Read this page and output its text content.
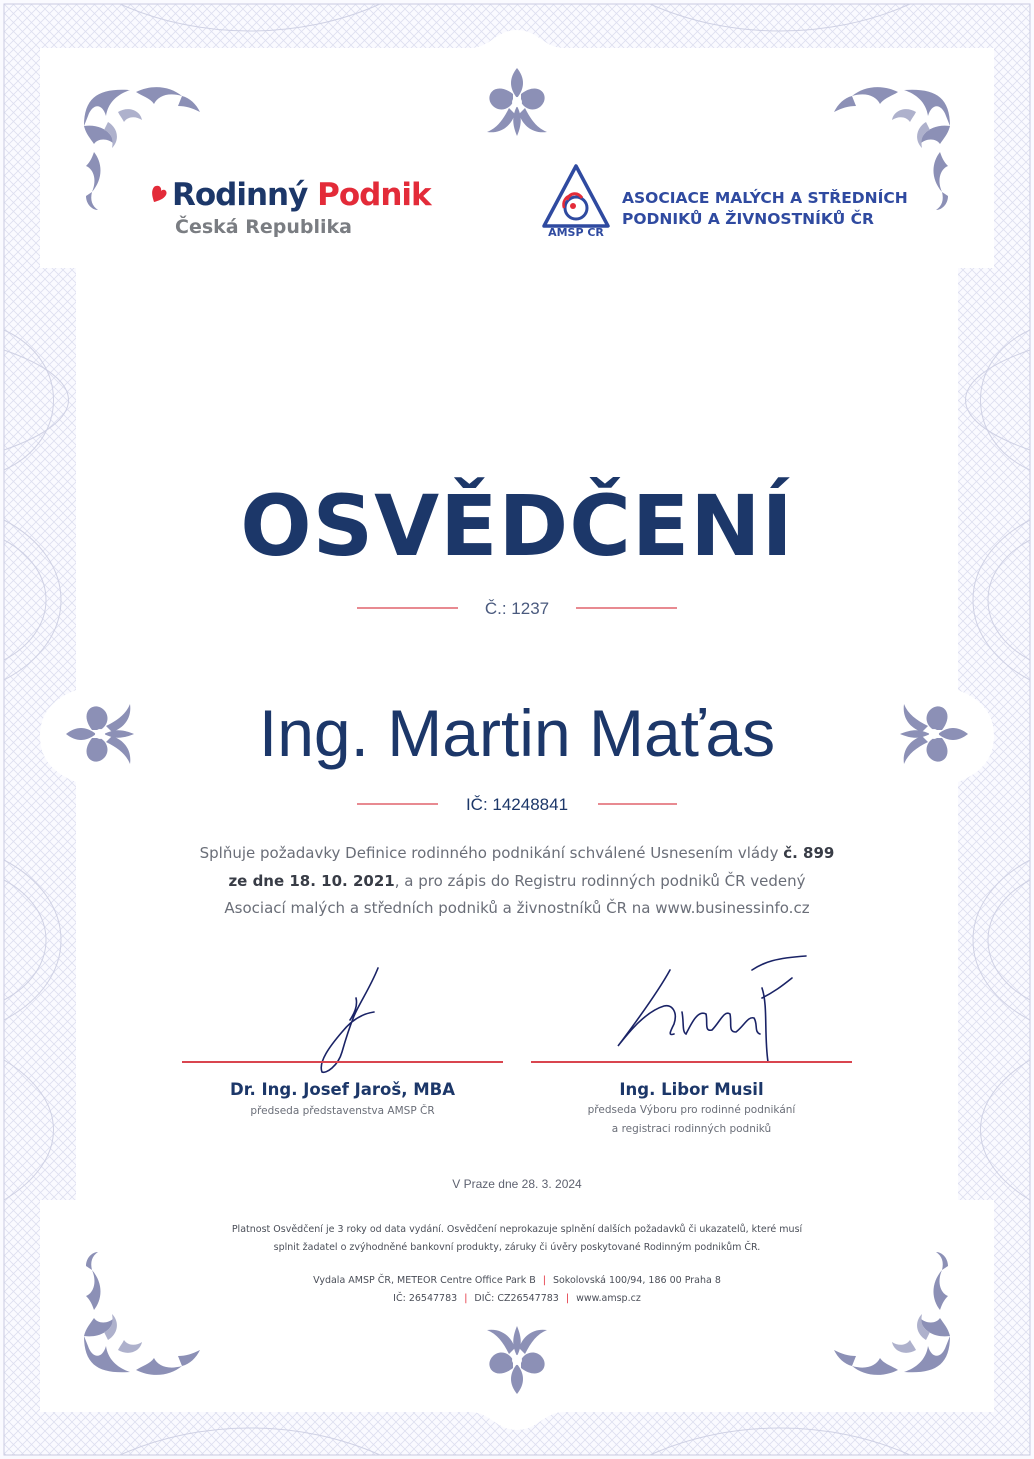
Rodinný Podnik
Česká Republika	AMSP ČR
ASOCIACE MALÝCH A STŘEDNÍCH
PODNIKŮ A ŽIVNOSTNÍKŮ ČR
OSVĚDČENÍ
Č.: 1237
Ing. Martin Maťas
IČ: 14248841
Splňuje požadavky Definice rodinného podnikání schválené Usnesením vlády č. 899
ze dne 18. 10. 2021, a pro zápis do Registru rodinných podniků ČR vedený
Asociací malých a středních podniků a živnostníků ČR na www.businessinfo.cz
Dr. Ing. Josef Jaroš, MBA
předseda představenstva AMSP ČR
Ing. Libor Musil
předseda Výboru pro rodinné podnikání
a registraci rodinných podniků
V Praze dne 28. 3. 2024
Platnost Osvědčení je 3 roky od data vydání. Osvědčení neprokazuje splnění dalších požadavků či ukazatelů, které musí
splnit žadatel o zvýhodněné bankovní produkty, záruky či úvěry poskytované Rodinným podnikům ČR.
Vydala AMSP ČR, METEOR Centre Office Park B | Sokolovská 100/94, 186 00 Praha 8
IČ: 26547783 | DIČ: CZ26547783 | www.amsp.cz
